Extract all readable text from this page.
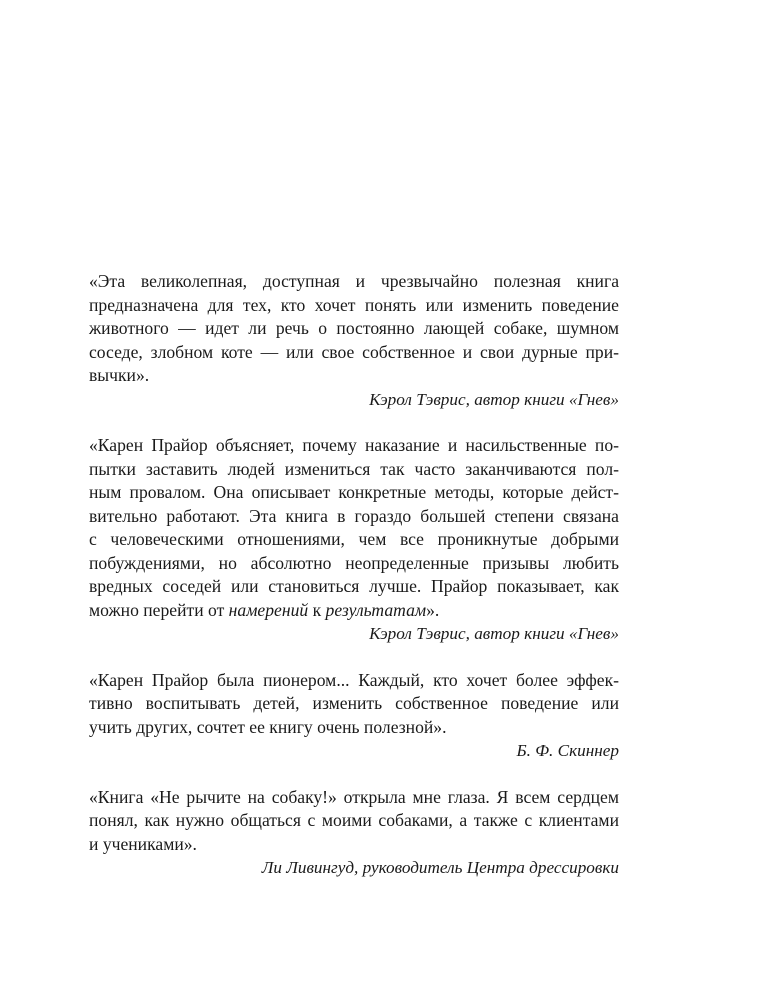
«Эта великолепная, доступная и чрезвычайно полезная книга
предназначена для тех, кто хочет понять или изменить поведение
животного — идет ли речь о постоянно лающей собаке, шумном
соседе, злобном коте — или свое собственное и свои дурные при-
вычки».
Кэрол Тэврис, автор книги «Гнев»
«Карен Прайор объясняет, почему наказание и насильственные по-
пытки заставить людей измениться так часто заканчиваются пол-
ным провалом. Она описывает конкретные методы, которые дейст-
вительно работают. Эта книга в гораздо большей степени связана
с человеческими отношениями, чем все проникнутые добрыми
побуждениями, но абсолютно неопределенные призывы любить
вредных соседей или становиться лучше. Прайор показывает, как
можно перейти от намерений к результатам».
Кэрол Тэврис, автор книги «Гнев»
«Карен Прайор была пионером... Каждый, кто хочет более эффек-
тивно воспитывать детей, изменить собственное поведение или
учить других, сочтет ее книгу очень полезной».
Б. Ф. Скиннер
«Книга «Не рычите на собаку!» открыла мне глаза. Я всем сердцем
понял, как нужно общаться с моими собаками, а также с клиентами
и учениками».
Ли Ливингуд, руководитель Центра дрессировки
